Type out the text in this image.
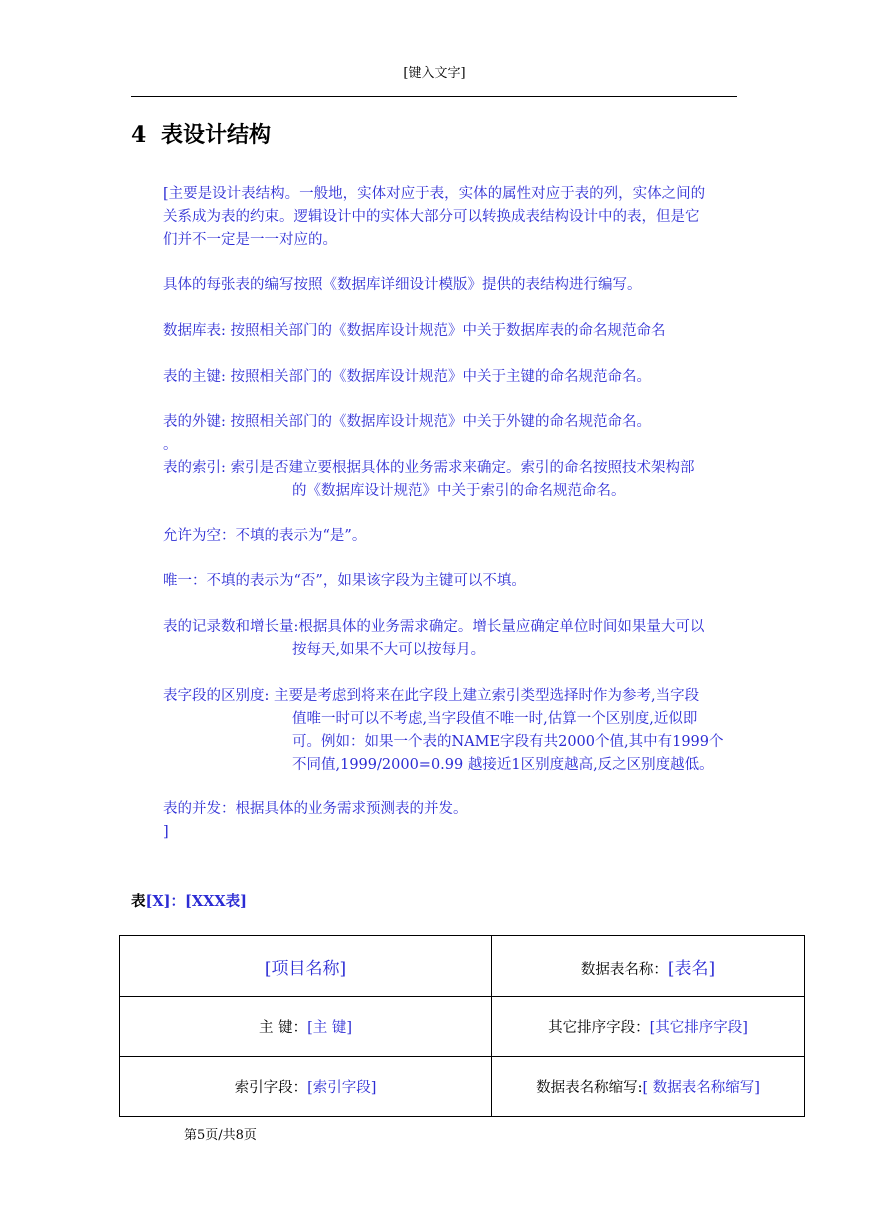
[键入文字]
4 表设计结构
[主要是设计表结构。一般地，实体对应于表，实体的属性对应于表的列，实体之间的
关系成为表的约束。逻辑设计中的实体大部分可以转换成表结构设计中的表，但是它
们并不一定是一一对应的。
具体的每张表的编写按照《数据库详细设计模版》提供的表结构进行编写。
数据库表: 按照相关部门的《数据库设计规范》中关于数据库表的命名规范命名
表的主键: 按照相关部门的《数据库设计规范》中关于主键的命名规范命名。
表的外键: 按照相关部门的《数据库设计规范》中关于外键的命名规范命名。
。
表的索引: 索引是否建立要根据具体的业务需求来确定。索引的命名按照技术架构部
的《数据库设计规范》中关于索引的命名规范命名。
允许为空：不填的表示为“是”。
唯一：不填的表示为“否”，如果该字段为主键可以不填。
表的记录数和增长量:根据具体的业务需求确定。增长量应确定单位时间如果量大可以
按每天,如果不大可以按每月。
表字段的区别度: 主要是考虑到将来在此字段上建立索引类型选择时作为参考,当字段
值唯一时可以不考虑,当字段值不唯一时,估算一个区别度,近似即
可。例如：如果一个表的NAME字段有共2000个值,其中有1999个
不同值,1999/2000=0.99 越接近1区别度越高,反之区别度越低。
表的并发：根据具体的业务需求预测表的并发。
]
表[X]：[XXX表]
[项目名称]	数据表名称：[表名]
主 键：[主 键]	其它排序字段：[其它排序字段]
索引字段：[索引字段]	数据表名称缩写:[ 数据表名称缩写]
第5页/共8页
